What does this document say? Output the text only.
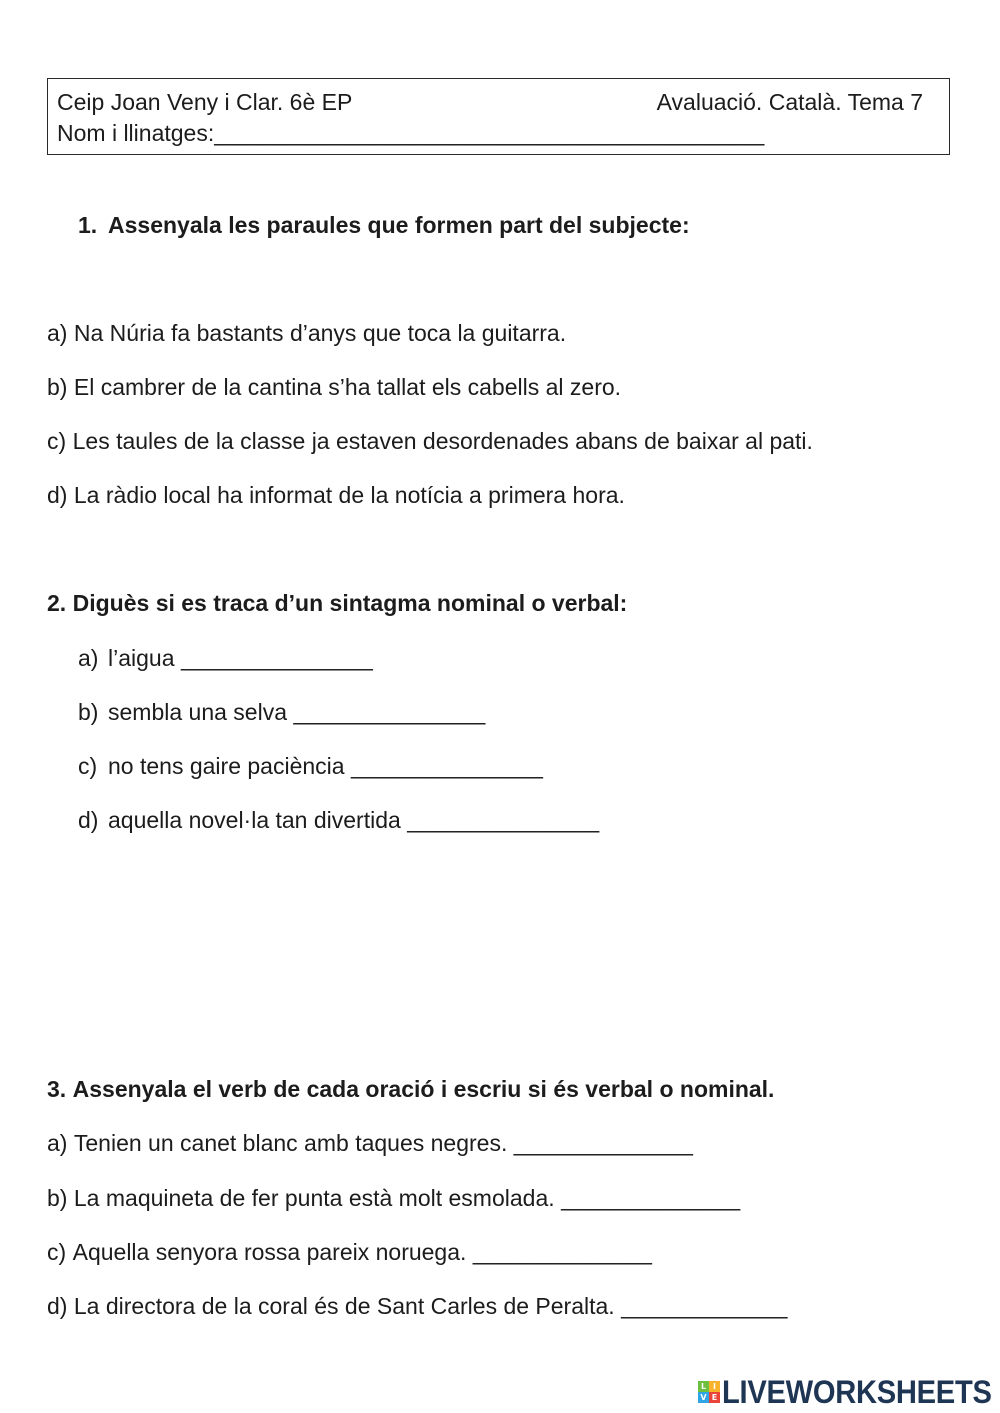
Ceip Joan Veny i Clar. 6è EP	Avaluació. Català. Tema 7
Nom i llinatges:___________________________________________
1. Assenyala les paraules que formen part del subjecte:
a) Na Núria fa bastants d’anys que toca la guitarra.
b) El cambrer de la cantina s’ha tallat els cabells al zero.
c) Les taules de la classe ja estaven desordenades abans de baixar al pati.
d) La ràdio local ha informat de la notícia a primera hora.
2. Diguès si es traca d’un sintagma nominal o verbal:
a) l’aigua _______________
b) sembla una selva _______________
c) no tens gaire paciència _______________
d) aquella novel·la tan divertida _______________
3. Assenyala el verb de cada oració i escriu si és verbal o nominal.
a) Tenien un canet blanc amb taques negres. ______________
b) La maquineta de fer punta està molt esmolada. ______________
c) Aquella senyora rossa pareix noruega. ______________
d) La directora de la coral és de Sant Carles de Peralta. _____________
L I
V E LIVEWORKSHEETS
